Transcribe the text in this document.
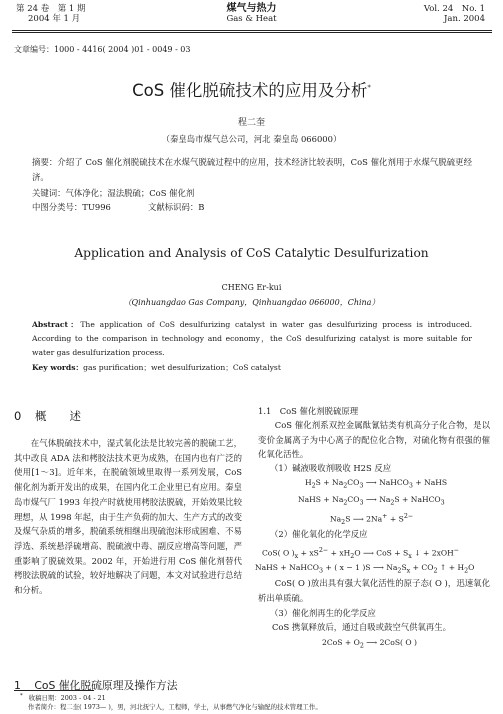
第 24 卷　第 1 期
2004 年 1 月
煤气与热力
Gas & Heat
Vol. 24　No. 1
Jan. 2004
文章编号：1000 - 4416( 2004 )01 - 0049 - 03
CoS 催化脱硫技术的应用及分析*
程二奎
（秦皇岛市煤气总公司，河北 秦皇岛 066000）
摘要：介绍了 CoS 催化剂脱硫技术在水煤气脱硫过程中的应用，技术经济比较表明，CoS 催化剂用于水煤气脱硫更经济。
关键词：气体净化；湿法脱硫；CoS 催化剂
中图分类号：TU996	文献标识码：B
Application and Analysis of CoS Catalytic Desulfurization
CHENG Er-kui
（Qinhuangdao Gas Company，Qinhuangdao 066000，China）
Abstract：The application of CoS desulfurizing catalyst in water gas desulfurizing process is introduced. According to the comparison in technology and economy，the CoS desulfurizing catalyst is more suitable for water gas desulfurization process.
Key words：gas purification；wet desulfurization；CoS catalyst
0 概　　述
在气体脱硫技术中，湿式氧化法是比较完善的脱硫工艺，其中改良 ADA 法和栲胶法技术更为成熟，在国内也有广泛的使用[1～3]。近年来，在脱硫领域里取得一系列发展，CoS 催化剂为新开发出的成果，在国内化工企业里已有应用。秦皇岛市煤气厂 1993 年投产时就使用栲胶法脱硫，开始效果比较理想，从 1998 年起，由于生产负荷的加大、生产方式的改变及煤气杂质的增多，脱硫系统相继出现硫泡沫形成困难、不易浮选、系统悬浮硫增高、脱硫液中毒、副反应增高等问题，严重影响了脱硫效果。2002 年，开始进行用 CoS 催化剂替代栲胶法脱硫的试验，较好地解决了问题，本文对试验进行总结和分析。
1 CoS 催化脱硫原理及操作方法
1.1　CoS 催化剂脱硫原理
CoS 催化剂系双控金属酞氰钴类有机高分子化合物，是以变价金属离子为中心离子的配位化合物，对硫化物有很强的催化氧化活性。
（1）碱液吸收剂吸收 H2S 反应
$H_2S + Na_2CO_3$ ⟶ NaHCO$_3$ + NaHS
NaHS + $Na_2CO_3$ ⟶ $Na_2S$ + NaHCO$_3$
$Na_2S$ ⟶ $2Na^+ + S^{2-}$
（2）催化氧化的化学反应
CoS( O )$_x + xS^{2-} + xH_2O$ ⟶ CoS + $S_x$ ↓ + 2xOH−
NaHS + NaHCO$_3$ + ( x − 1 )S ⟶ $Na_2S_x + CO_2$ ↑ + $H_2O$
CoS( O )放出具有强大氧化活性的原子态( O )，迅速氧化析出单质硫。
（3）催化剂再生的化学反应
CoS 携氧释放后，通过自吸或鼓空气供氧再生。
$2CoS + O_2$ ⟶ 2CoS( O )
* 收稿日期：2003 - 04 - 21
作者简介：程二奎( 1973— )，男，河北抚宁人，工程师，学士，从事燃气净化与输配的技术管理工作。
